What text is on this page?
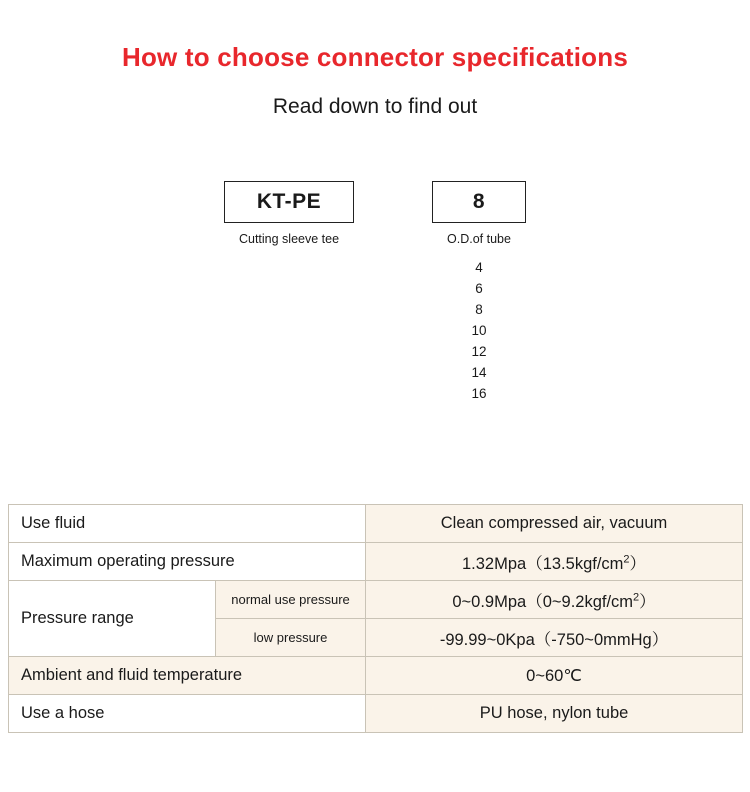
How to choose connector specifications
Read down to find out
KT-PE
Cutting sleeve tee
8
O.D.of tube
4
6
8
10
12
14
16
Use fluid		Clean compressed air, vacuum
Maximum operating pressure		$1.32Mpa(13.5kgf/cm^2)$
Pressure range	normal use pressure	$0\sim 0.9Mpa(0\sim 9.2kgf/cm^2)$
	low pressure	-99.99~0Kpa（-750~0mmHg）
Ambient and fluid temperature		0~60℃
Use a hose		PU hose, nylon tube
